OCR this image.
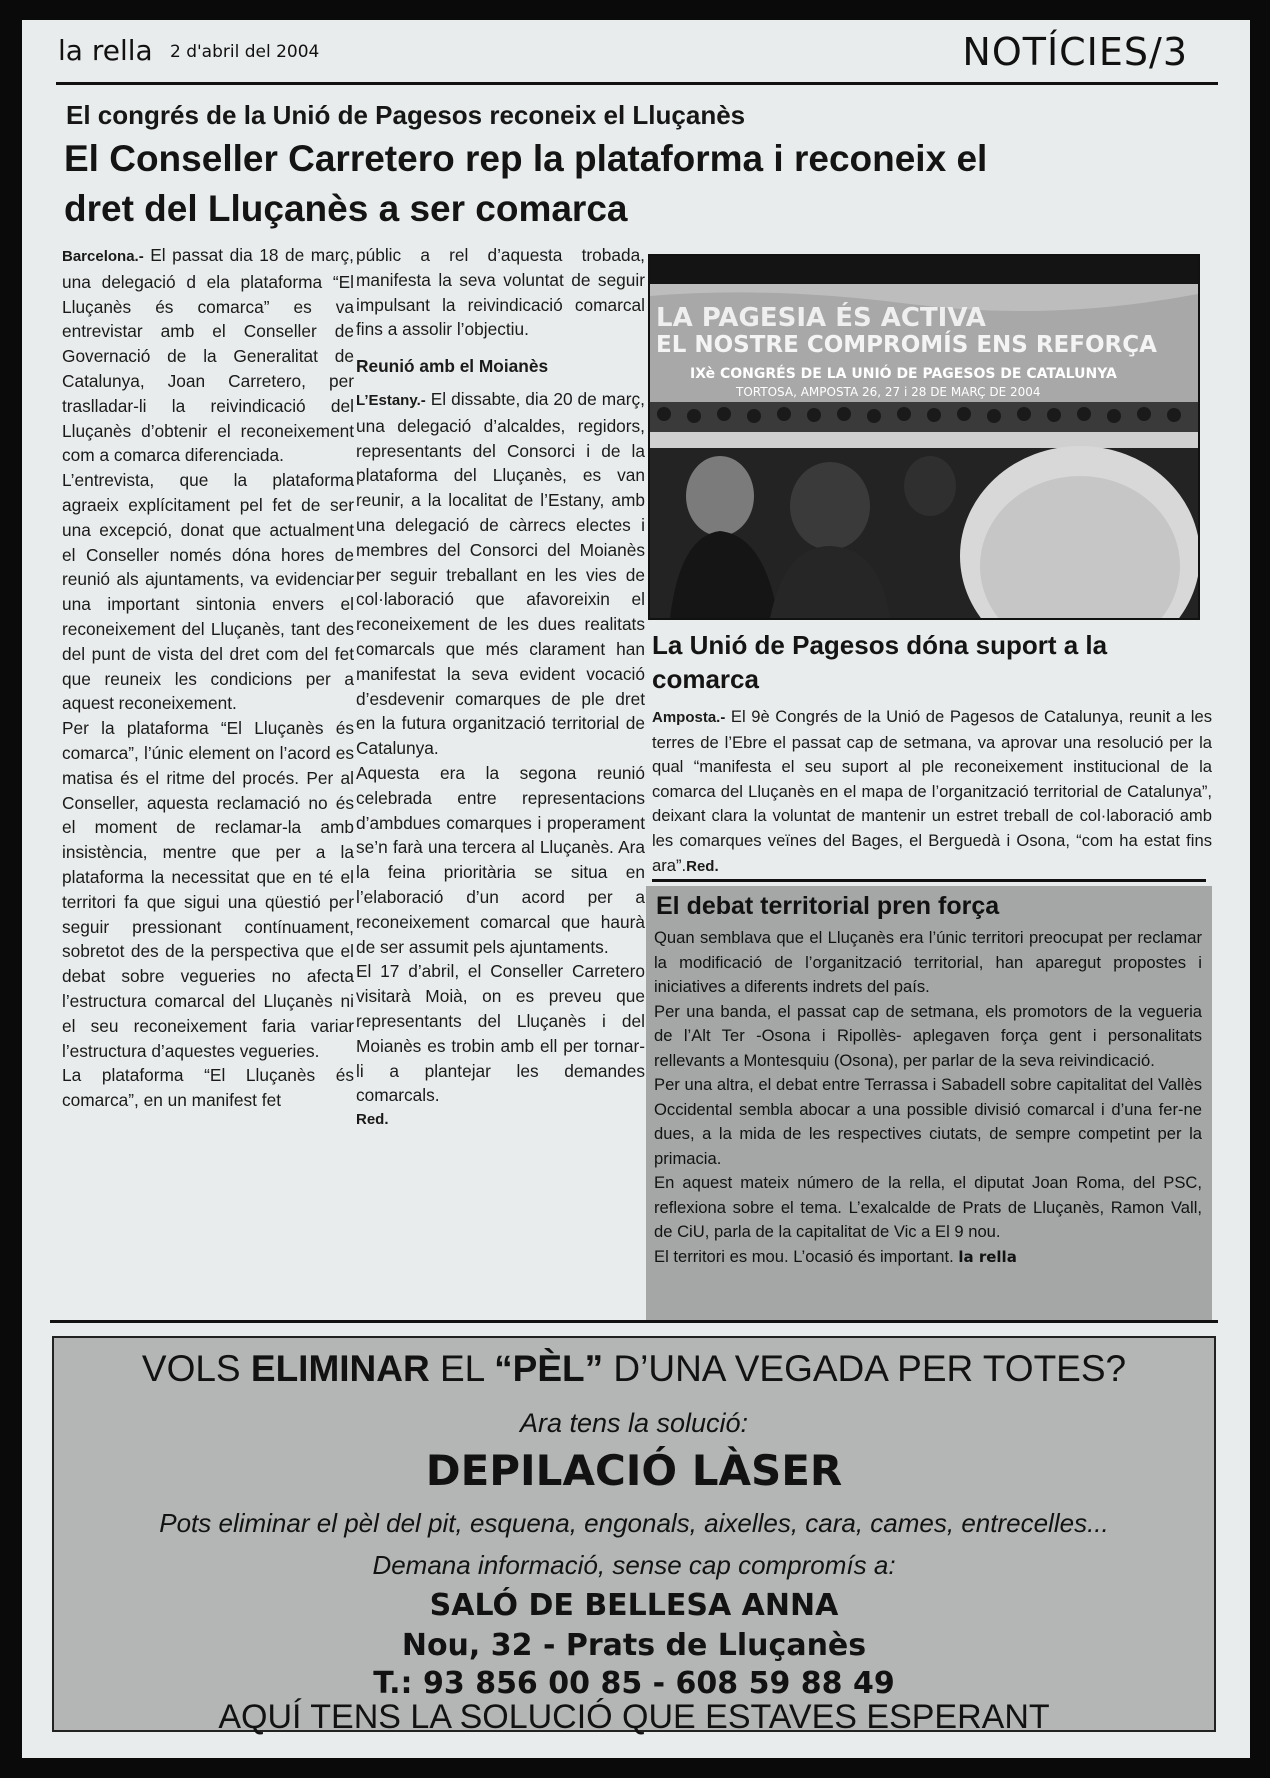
la rella 2 d'abril del 2004	NOTÍCIES/3
El congrés de la Unió de Pagesos reconeix el Lluçanès
El Conseller Carretero rep la plataforma i reconeix el dret del Lluçanès a ser comarca

Barcelona.- El passat dia 18 de març, una delegació d ela plataforma “El Lluçanès és comarca” es va entrevistar amb el Conseller de Governació de la Generalitat de Catalunya, Joan Carretero, per traslladar-li la reivindicació del Lluçanès d’obtenir el reconeixement com a comarca diferenciada.

L’entrevista, que la plataforma agraeix explícitament pel fet de ser una excepció, donat que actualment el Conseller només dóna hores de reunió als ajuntaments, va evidenciar una important sintonia envers el reconeixement del Lluçanès, tant des del punt de vista del dret com del fet que reuneix les condicions per a aquest reconeixement.

Per la plataforma “El Lluçanès és comarca”, l’únic element on l’acord es matisa és el ritme del procés. Per al Conseller, aquesta reclamació no és el moment de reclamar-la amb insistència, mentre que per a la plataforma la necessitat que en té el territori fa que sigui una qüestió per seguir pressionant contínuament, sobretot des de la perspectiva que el debat sobre vegueries no afecta l’estructura comarcal del Lluçanès ni el seu reconeixement faria variar l’estructura d’aquestes vegueries.

La plataforma “El Lluçanès és comarca”, en un manifest fet

públic a rel d’aquesta trobada, manifesta la seva voluntat de seguir impulsant la reivindicació comarcal fins a assolir l’objectiu.

Reunió amb el Moianès

L’Estany.- El dissabte, dia 20 de març, una delegació d’alcaldes, regidors, representants del Consorci i de la plataforma del Lluçanès, es van reunir, a la localitat de l’Estany, amb una delegació de càrrecs electes i membres del Consorci del Moianès per seguir treballant en les vies de col·laboració que afavoreixin el reconeixement de les dues realitats comarcals que més clarament han manifestat la seva evident vocació d’esdevenir comarques de ple dret en la futura organització territorial de Catalunya.

Aquesta era la segona reunió celebrada entre representacions d’ambdues comarques i properament se’n farà una tercera al Lluçanès. Ara la feina prioritària se situa en l’elaboració d’un acord per a reconeixement comarcal que haurà de ser assumit pels ajuntaments.

El 17 d’abril, el Conseller Carretero visitarà Moià, on es preveu que representants del Lluçanès i del Moianès es trobin amb ell per tornar-li a plantejar les demandes comarcals.

Red.

LA PAGESIA ÉS ACTIVA
EL NOSTRE COMPROMÍS ENS REFORÇA
IXè CONGRÉS DE LA UNIÓ DE PAGESOS DE CATALUNYA
TORTOSA, AMPOSTA 26, 27 i 28 DE MARÇ DE 2004
La Unió de Pagesos dóna suport a la comarca
Amposta.- El 9è Congrés de la Unió de Pagesos de Catalunya, reunit a les terres de l’Ebre el passat cap de setmana, va aprovar una resolució per la qual “manifesta el seu suport al ple reconeixement institucional de la comarca del Lluçanès en el mapa de l’organització territorial de Catalunya”, deixant clara la voluntat de mantenir un estret treball de col·laboració amb les comarques veïnes del Bages, el Berguedà i Osona, “com ha estat fins ara”.Red.
El debat territorial pren força

Quan semblava que el Lluçanès era l’únic territori preocupat per reclamar la modificació de l’organització territorial, han aparegut propostes i iniciatives a diferents indrets del país.

Per una banda, el passat cap de setmana, els promotors de la vegueria de l’Alt Ter -Osona i Ripollès- aplegaven força gent i personalitats rellevants a Montesquiu (Osona), per parlar de la seva reivindicació.

Per una altra, el debat entre Terrassa i Sabadell sobre capitalitat del Vallès Occidental sembla abocar a una possible divisió comarcal i d’una fer-ne dues, a la mida de les respectives ciutats, de sempre competint per la primacia.

En aquest mateix número de la rella, el diputat Joan Roma, del PSC, reflexiona sobre el tema. L’exalcalde de Prats de Lluçanès, Ramon Vall, de CiU, parla de la capitalitat de Vic a El 9 nou.

El territori es mou. L’ocasió és important. la rella

VOLS ELIMINAR EL “PÈL” D’UNA VEGADA PER TOTES?
Ara tens la solució:
DEPILACIÓ LÀSER
Pots eliminar el pèl del pit, esquena, engonals, aixelles, cara, cames, entrecelles...
Demana informació, sense cap compromís a:
SALÓ DE BELLESA ANNA
Nou, 32 - Prats de Lluçanès
T.: 93 856 00 85 - 608 59 88 49
AQUÍ TENS LA SOLUCIÓ QUE ESTAVES ESPERANT
